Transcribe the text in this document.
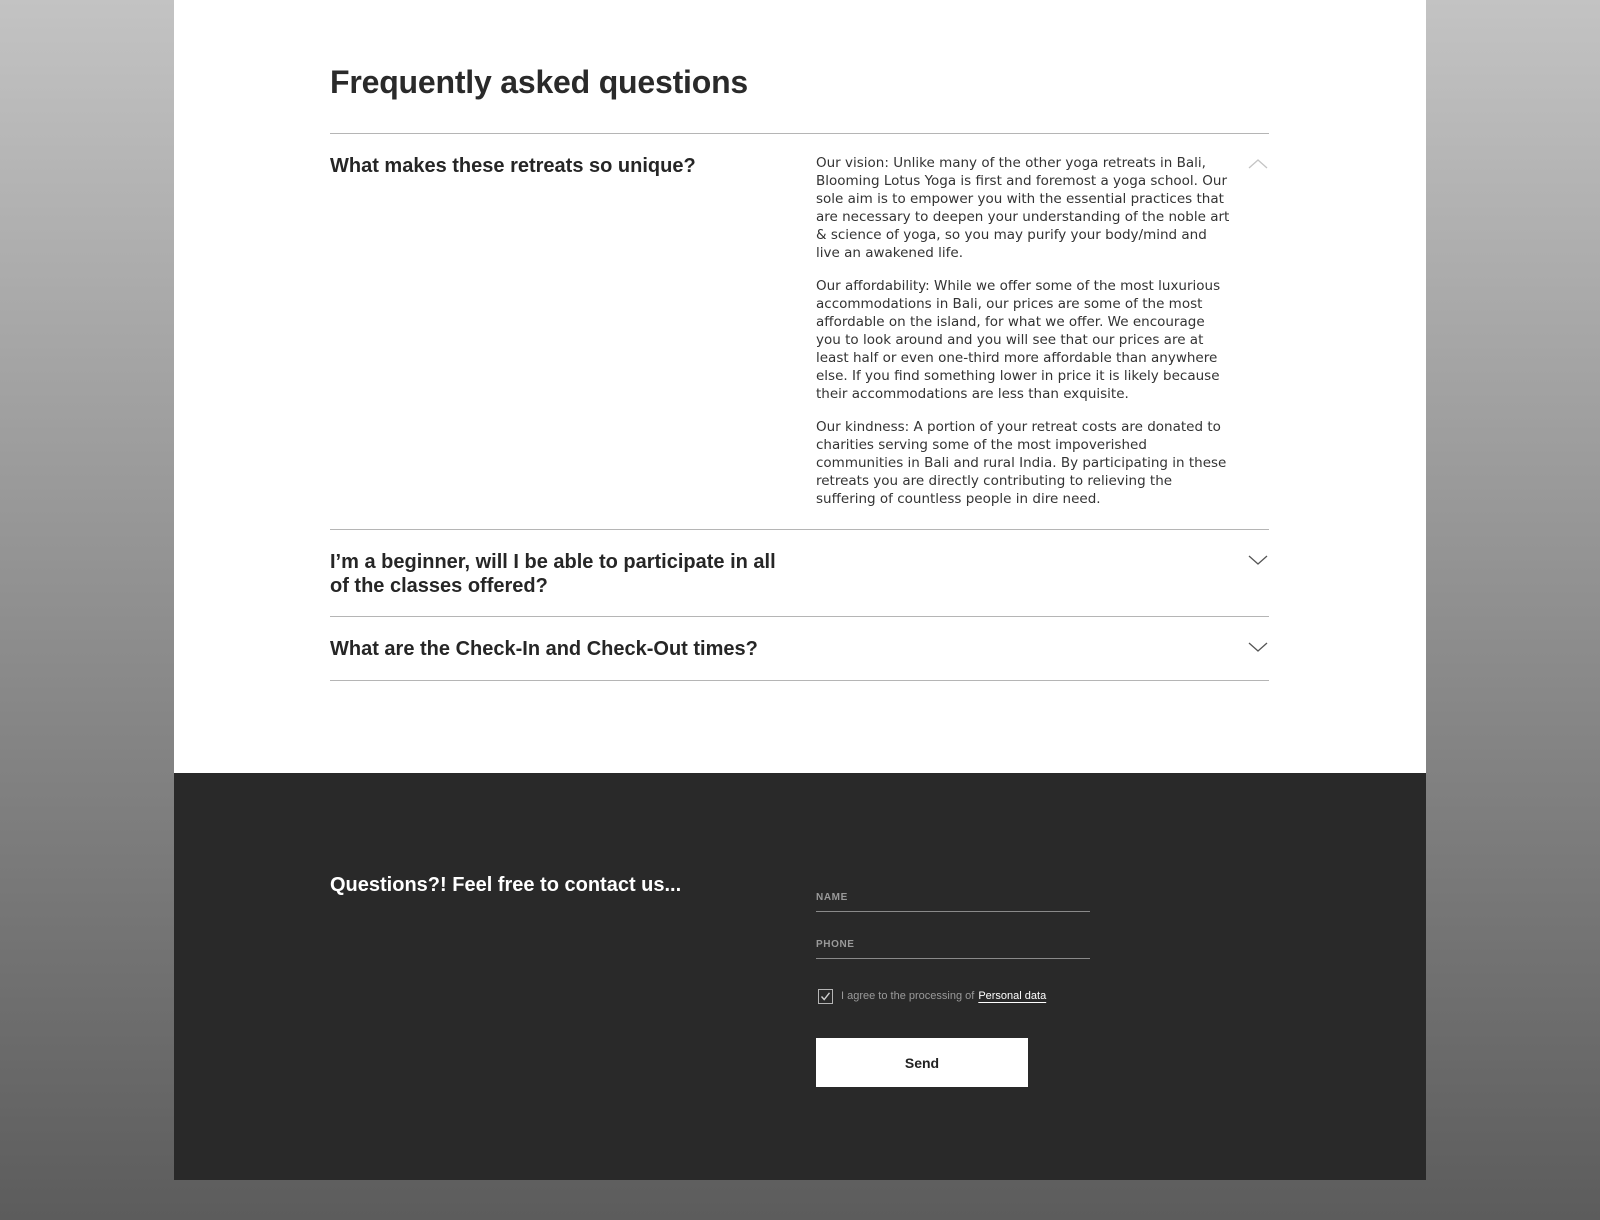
Frequently asked questions
What makes these retreats so unique?	Our vision: Unlike many of the other yoga retreats in Bali, Blooming Lotus Yoga is first and foremost a yoga school. Our sole aim is to empower you with the essential practices that are necessary to deepen your understanding of the noble art & science of yoga, so you may purify your body/mind and live an awakened life.

Our affordability: While we offer some of the most luxurious accommodations in Bali, our prices are some of the most affordable on the island, for what we offer. We encourage you to look around and you will see that our prices are at least half or even one-third more affordable than anywhere else. If you find something lower in price it is likely because their accommodations are less than exquisite.

Our kindness: A portion of your retreat costs are donated to charities serving some of the most impoverished communities in Bali and rural India. By participating in these retreats you are directly contributing to relieving the suffering of countless people in dire need.

I’m a beginner, will I be able to participate in all of the classes offered?
What are the Check-In and Check-Out times?
Questions?! Feel free to contact us...
NAME
PHONE
I agree to the processing of Personal data
Send
